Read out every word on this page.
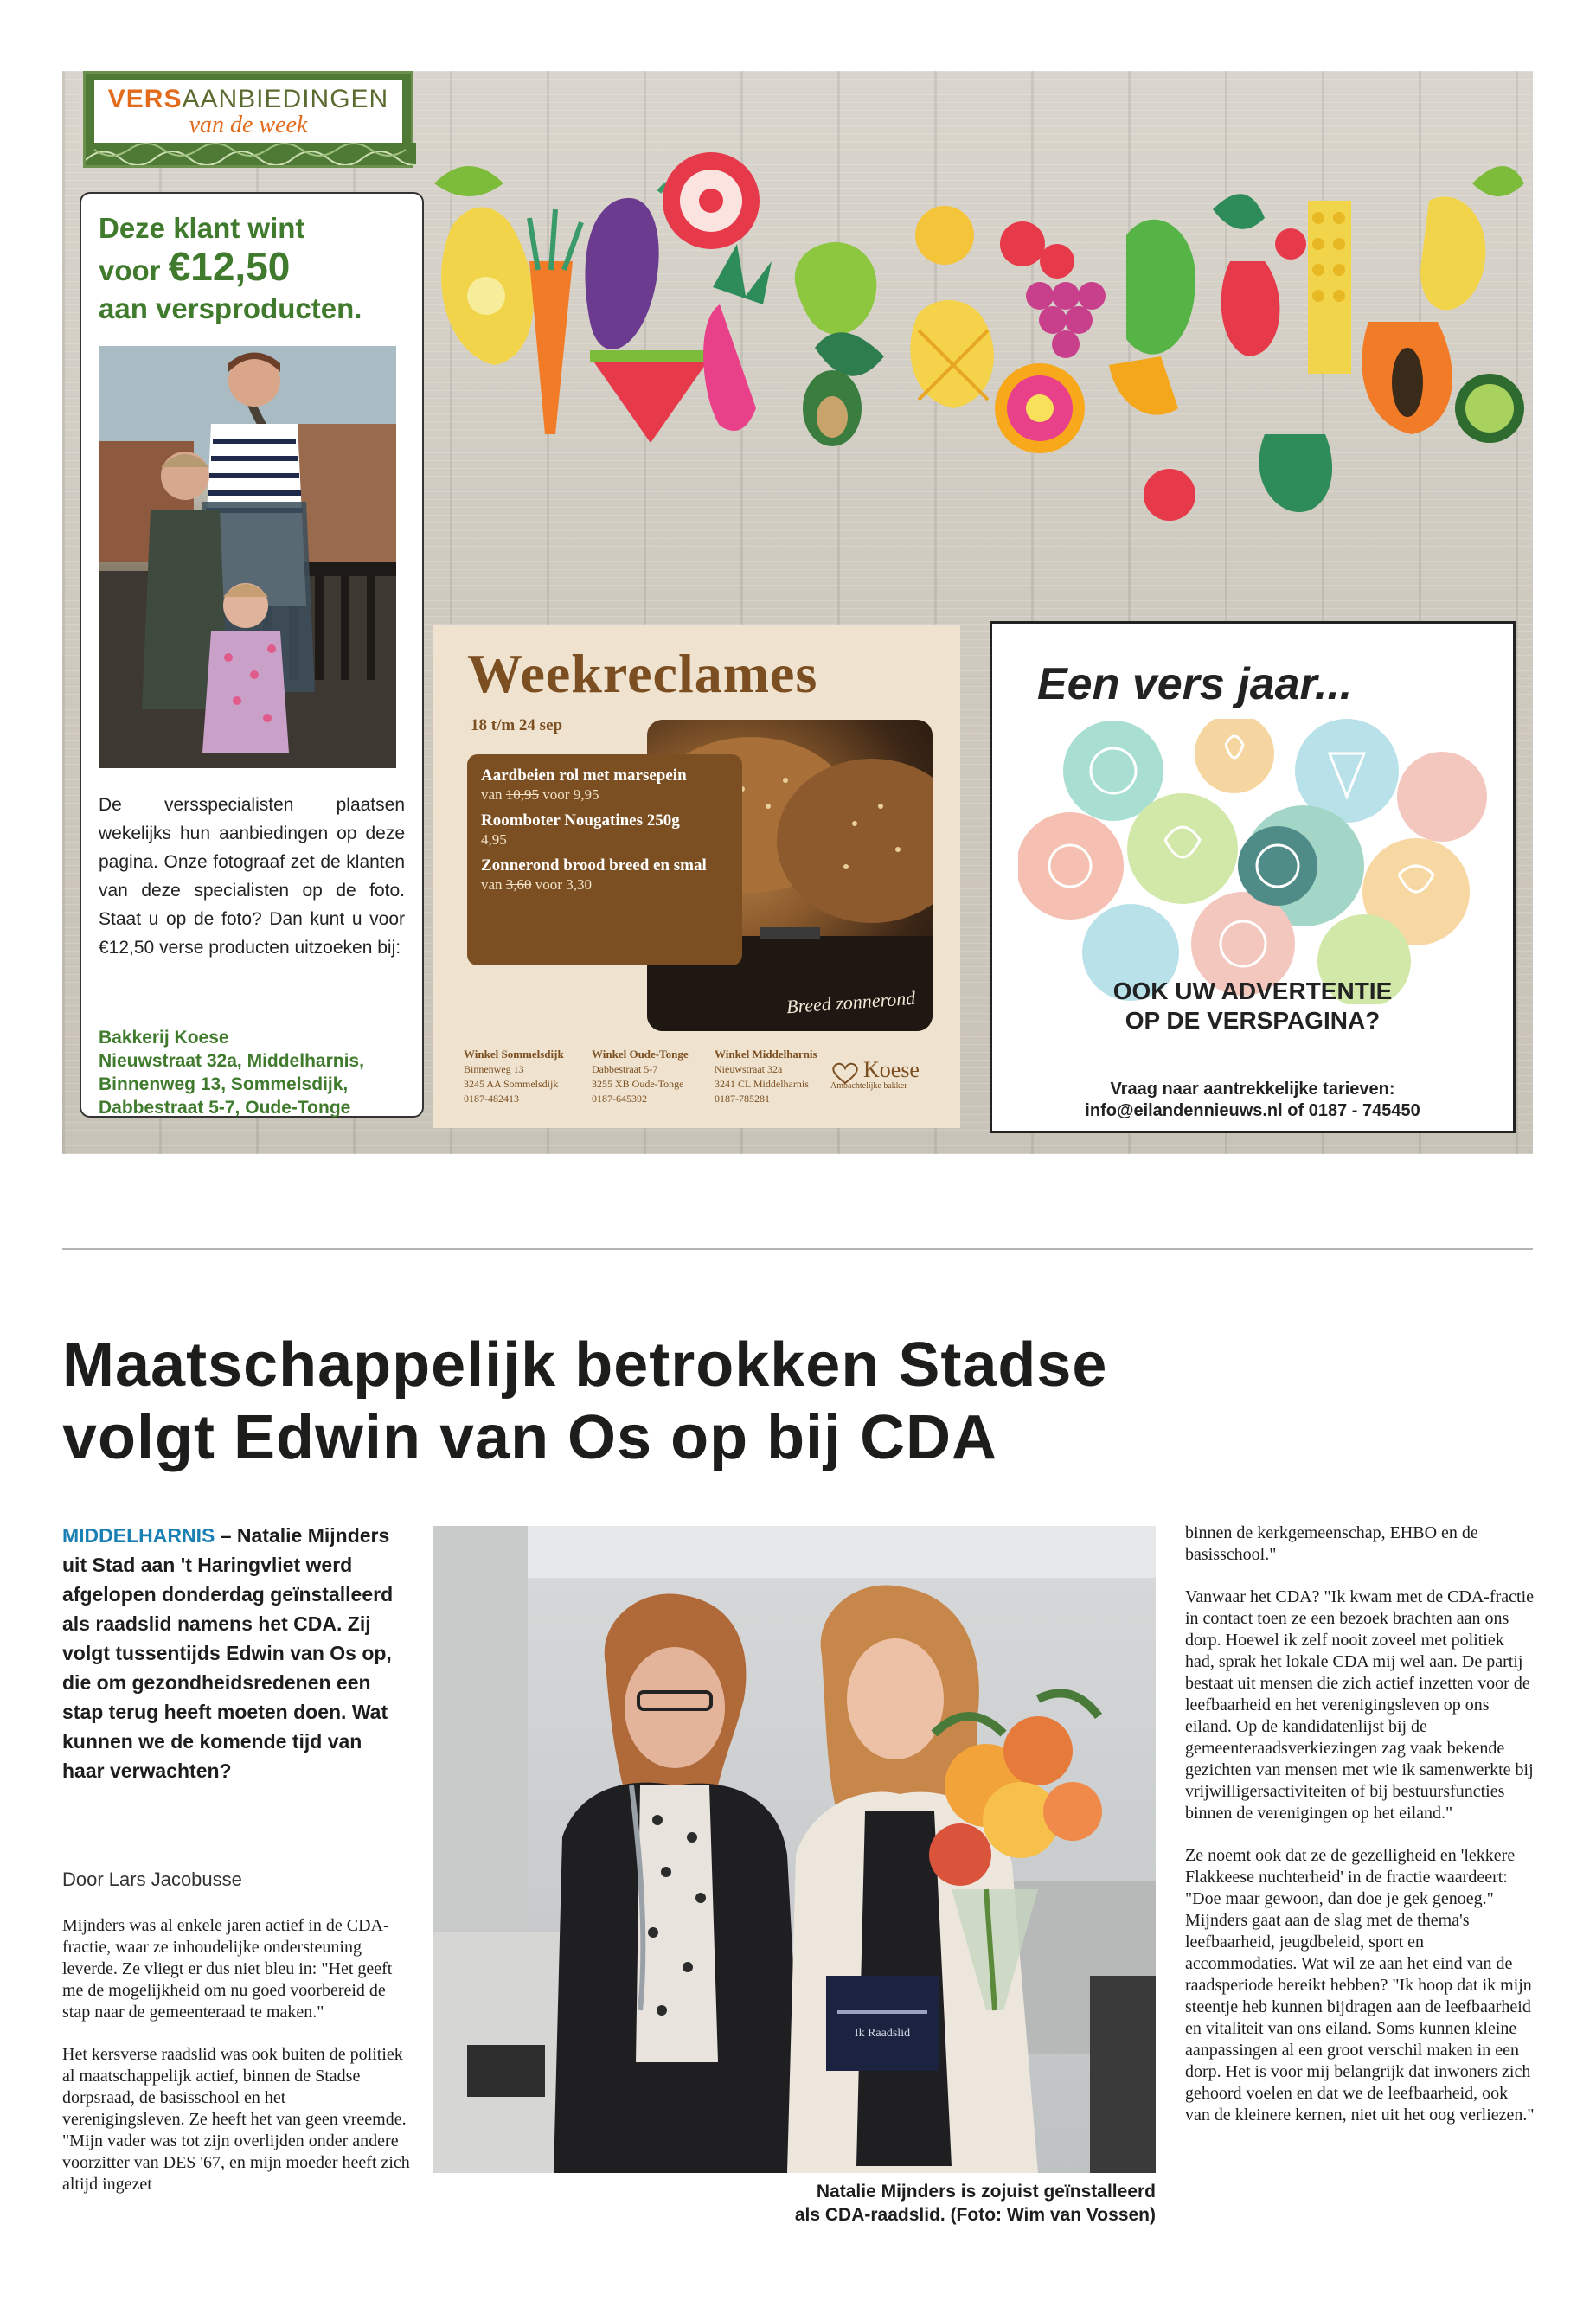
VERSAANBIEDINGEN
van de week
Deze klant wint
voor €12,50
aan versproducten.
De versspecialisten plaatsen wekelijks hun aanbiedingen op deze pagina. Onze fotograaf zet de klanten van deze specialisten op de foto. Staat u op de foto? Dan kunt u voor €12,50 verse producten uitzoeken bij:
Bakkerij Koese
Nieuwstraat 32a, Middelharnis,
Binnenweg 13, Sommelsdijk,
Dabbestraat 5-7, Oude-Tonge
Weekreclames
18 t/m 24 sep
Breed zonnerond
Aardbeien rol met marsepein
van 10,95 voor 9,95
Roomboter Nougatines 250g
4,95
Zonnerond brood breed en smal
van 3,60 voor 3,30
Winkel Sommelsdijk
Binnenweg 13
3245 AA Sommelsdijk
0187-482413
Winkel Oude-Tonge
Dabbestraat 5-7
3255 XB Oude-Tonge
0187-645392
Winkel Middelharnis
Nieuwstraat 32a
3241 CL Middelharnis
0187-785281
Koese
Ambachtelijke bakker
Een vers jaar...
OOK UW ADVERTENTIE
OP DE VERSPAGINA?
Vraag naar aantrekkelijke tarieven:
info@eilandennieuws.nl of 0187 - 745450
Maatschappelijk betrokken Stadse
volgt Edwin van Os op bij CDA
MIDDELHARNIS – Natalie Mijnders uit Stad aan 't Haringvliet werd afgelopen donderdag geïnstalleerd als raadslid namens het CDA. Zij volgt tussentijds Edwin van Os op, die om gezondheidsredenen een stap terug heeft moeten doen. Wat kunnen we de komende tijd van haar verwachten?
Door Lars Jacobusse

Mijnders was al enkele jaren actief in de CDA-fractie, waar ze inhoudelijke ondersteuning leverde. Ze vliegt er dus niet bleu in: "Het geeft me de mogelijkheid om nu goed voorbereid de stap naar de gemeenteraad te maken."

Het kersverse raadslid was ook buiten de politiek al maatschappelijk actief, binnen de Stadse dorpsraad, de basisschool en het verenigingsleven. Ze heeft het van geen vreemde. "Mijn vader was tot zijn overlijden onder andere voorzitter van DES '67, en mijn moeder heeft zich altijd ingezet

Ik Raadslid
Natalie Mijnders is zojuist geïnstalleerd
als CDA-raadslid. (Foto: Wim van Vossen)

binnen de kerkgemeenschap, EHBO en de basisschool."

Vanwaar het CDA? "Ik kwam met de CDA-fractie in contact toen ze een bezoek brachten aan ons dorp. Hoewel ik zelf nooit zoveel met politiek had, sprak het lokale CDA mij wel aan. De partij bestaat uit mensen die zich actief inzetten voor de leefbaarheid en het verenigingsleven op ons eiland. Op de kandidatenlijst bij de gemeenteraadsverkiezingen zag vaak bekende gezichten van mensen met wie ik samenwerkte bij vrijwilligersactiviteiten of bij bestuursfuncties binnen de verenigingen op het eiland."

Ze noemt ook dat ze de gezelligheid en 'lekkere Flakkeese nuchterheid' in de fractie waardeert: "Doe maar gewoon, dan doe je gek genoeg." Mijnders gaat aan de slag met de thema's leefbaarheid, jeugdbeleid, sport en accommodaties. Wat wil ze aan het eind van de raadsperiode bereikt hebben? "Ik hoop dat ik mijn steentje heb kunnen bijdragen aan de leefbaarheid en vitaliteit van ons eiland. Soms kunnen kleine aanpassingen al een groot verschil maken in een dorp. Het is voor mij belangrijk dat inwoners zich gehoord voelen en dat we de leefbaarheid, ook van de kleinere kernen, niet uit het oog verliezen."
